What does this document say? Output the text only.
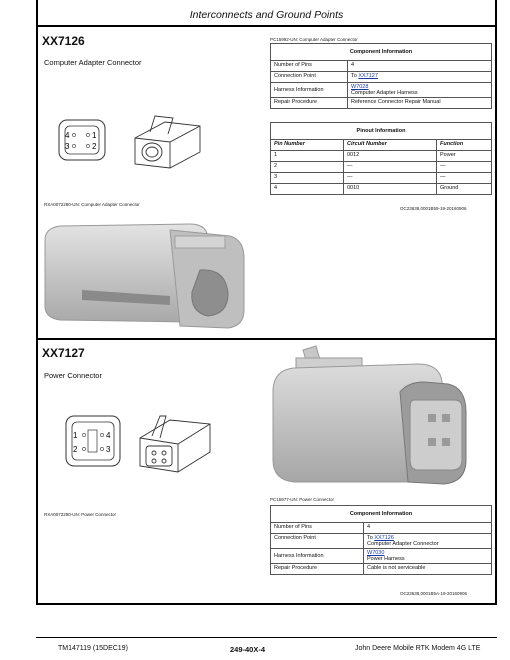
Interconnects and Ground Points
XX7126
Computer Adapter Connector
PC15992-UN: Computer Adapter Connector
Component Information	
Number of Pins	4
Connection Point	To XX7127
Harness Information	W7028
Computer Adapter Harness
Repair Procedure	Reference Connector Repair Manual
Pinout Information		
Pin Number	Circuit Number	Function
1	0012	Power
2	—	—
3	—	—
4	0010	Ground
OC23638,0001B59-19-20160906
4	1
3	2
RXA0072280-UN: Computer Adapter Connector
XX7127
Power Connector
1	4
2	3
PC15977-UN: Power Connector
RXA0072290-UN: Power Connector	Component Information	
Number of Pins	4
Connection Point	To XX7126
Computer Adapter Connector
Harness Information	W7030
Power Harness
Repair Procedure	Cable is not serviceable
OC23638,0001B5A-19-20160906
TM147119 (15DEC19)	249-40X-4	John Deere Mobile RTK Modem 4G LTE
